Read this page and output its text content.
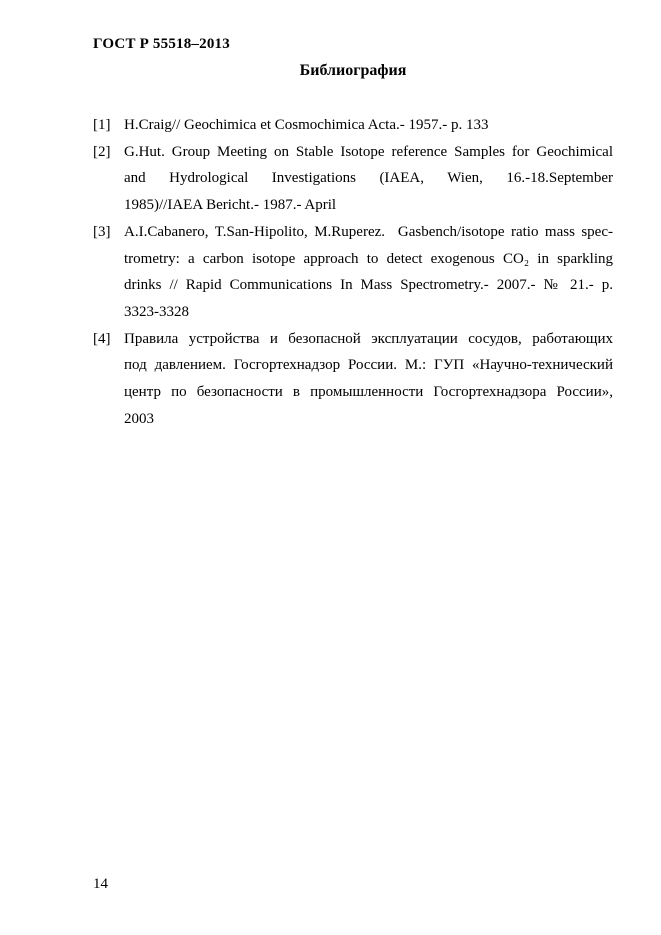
ГОСТ Р 55518–2013
Библиография
[1] H.Craig// Geochimica et Cosmochimica Acta.- 1957.- p. 133
[2] G.Hut. Group Meeting on Stable Isotope reference Samples for Geochimical
and Hydrological Investigations (IAEA, Wien, 16.-18.September
1985)//IAEA Bericht.- 1987.- April
[3] A.I.Cabanero, T.San-Hipolito, M.Ruperez.  Gasbench/isotope ratio mass spec-
trometry: a carbon isotope approach to detect exogenous CO₂ in sparkling
drinks // Rapid Communications In Mass Spectrometry.- 2007.- № 21.- p.
3323-3328
[4] Правила устройства и безопасной эксплуатации сосудов, работающих
под давлением. Госгортехнадзор России. М.: ГУП «Научно-технический
центр по безопасности в промышленности Госгортехнадзора России»,
2003
14
